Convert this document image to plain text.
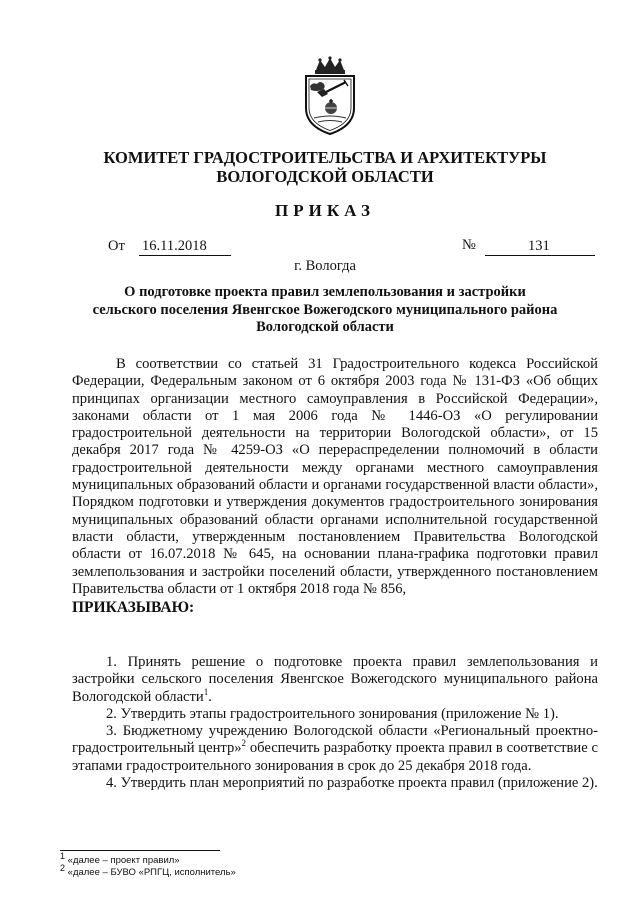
КОМИТЕТ ГРАДОСТРОИТЕЛЬСТВА И АРХИТЕКТУРЫ
ВОЛОГОДСКОЙ ОБЛАСТИ
ПРИКАЗ
От 16.11.2018	№	131
г. Вологда
О подготовке проекта правил землепользования и застройки
сельского поселения Явенгское Вожегодского муниципального района
Вологодской области

В соответствии со статьей 31 Градостроительного кодекса Российской Федерации, Федеральным законом от 6 октября 2003 года № 131-ФЗ «Об общих принципах организации местного самоуправления в Российской Федерации», законами области от 1 мая 2006 года № 1446-ОЗ «О регулировании градостроительной деятельности на территории Вологодской области», от 15 декабря 2017 года № 4259-ОЗ «О перераспределении полномочий в области градостроительной деятельности между органами местного самоуправления муниципальных образований области и органами государственной власти области», Порядком подготовки и утверждения документов градостроительного зонирования муниципальных образований области органами исполнительной государственной власти области, утвержденным постановлением Правительства Вологодской области от 16.07.2018 № 645, на основании плана-графика подготовки правил землепользования и застройки поселений области, утвержденного постановлением Правительства области от 1 октября 2018 года № 856,

ПРИКАЗЫВАЮ:

1. Принять решение о подготовке проекта правил землепользования и застройки сельского поселения Явенгское Вожегодского муниципального района Вологодской области$^1$.

2. Утвердить этапы градостроительного зонирования (приложение № 1).

3. Бюджетному учреждению Вологодской области «Региональный проектно-градостроительный центр»$^2$ обеспечить разработку проекта правил в соответствие с этапами градостроительного зонирования в срок до 25 декабря 2018 года.

4. Утвердить план мероприятий по разработке проекта правил (приложение 2).

$^1$ «далее – проект правил»
$^2$ «далее – БУВО «РПГЦ, исполнитель»
